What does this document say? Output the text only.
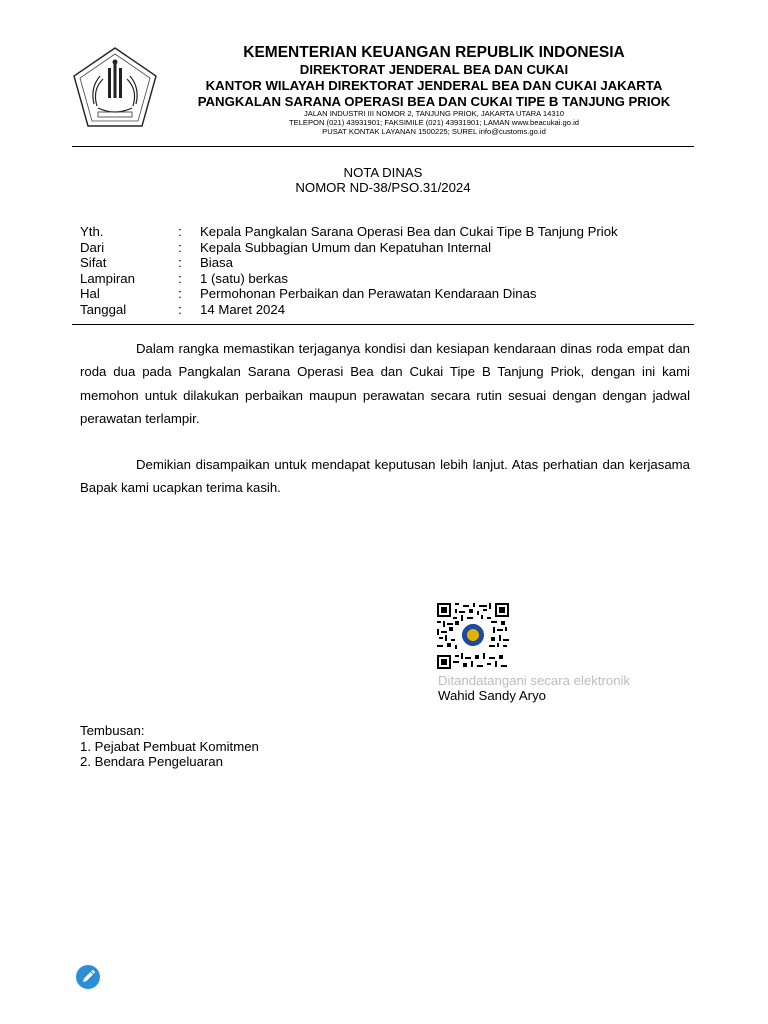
KEMENTERIAN KEUANGAN REPUBLIK INDONESIA
DIREKTORAT JENDERAL BEA DAN CUKAI
KANTOR WILAYAH DIREKTORAT JENDERAL BEA DAN CUKAI JAKARTA
PANGKALAN SARANA OPERASI BEA DAN CUKAI TIPE B TANJUNG PRIOK
JALAN INDUSTRI III NOMOR 2, TANJUNG PRIOK, JAKARTA UTARA 14310
TELEPON (021) 43931901; FAKSIMILE (021) 43931901; LAMAN www.beacukai.go.id
PUSAT KONTAK LAYANAN 1500225; SUREL info@customs.go.id
NOTA DINAS
NOMOR ND-38/PSO.31/2024
Yth.	: Kepala Pangkalan Sarana Operasi Bea dan Cukai Tipe B Tanjung Priok
Dari	: Kepala Subbagian Umum dan Kepatuhan Internal
Sifat	: Biasa
Lampiran	: 1 (satu) berkas
Hal	: Permohonan Perbaikan dan Perawatan Kendaraan Dinas
Tanggal	: 14 Maret 2024
Dalam rangka memastikan terjaganya kondisi dan kesiapan kendaraan dinas roda empat dan roda dua pada Pangkalan Sarana Operasi Bea dan Cukai Tipe B Tanjung Priok, dengan ini kami memohon untuk dilakukan perbaikan maupun perawatan secara rutin sesuai dengan dengan jadwal perawatan terlampir.
Demikian disampaikan untuk mendapat keputusan lebih lanjut. Atas perhatian dan kerjasama Bapak kami ucapkan terima kasih.
Ditandatangani secara elektronik
Wahid Sandy Aryo
Tembusan:
1. Pejabat Pembuat Komitmen
2. Bendara Pengeluaran
